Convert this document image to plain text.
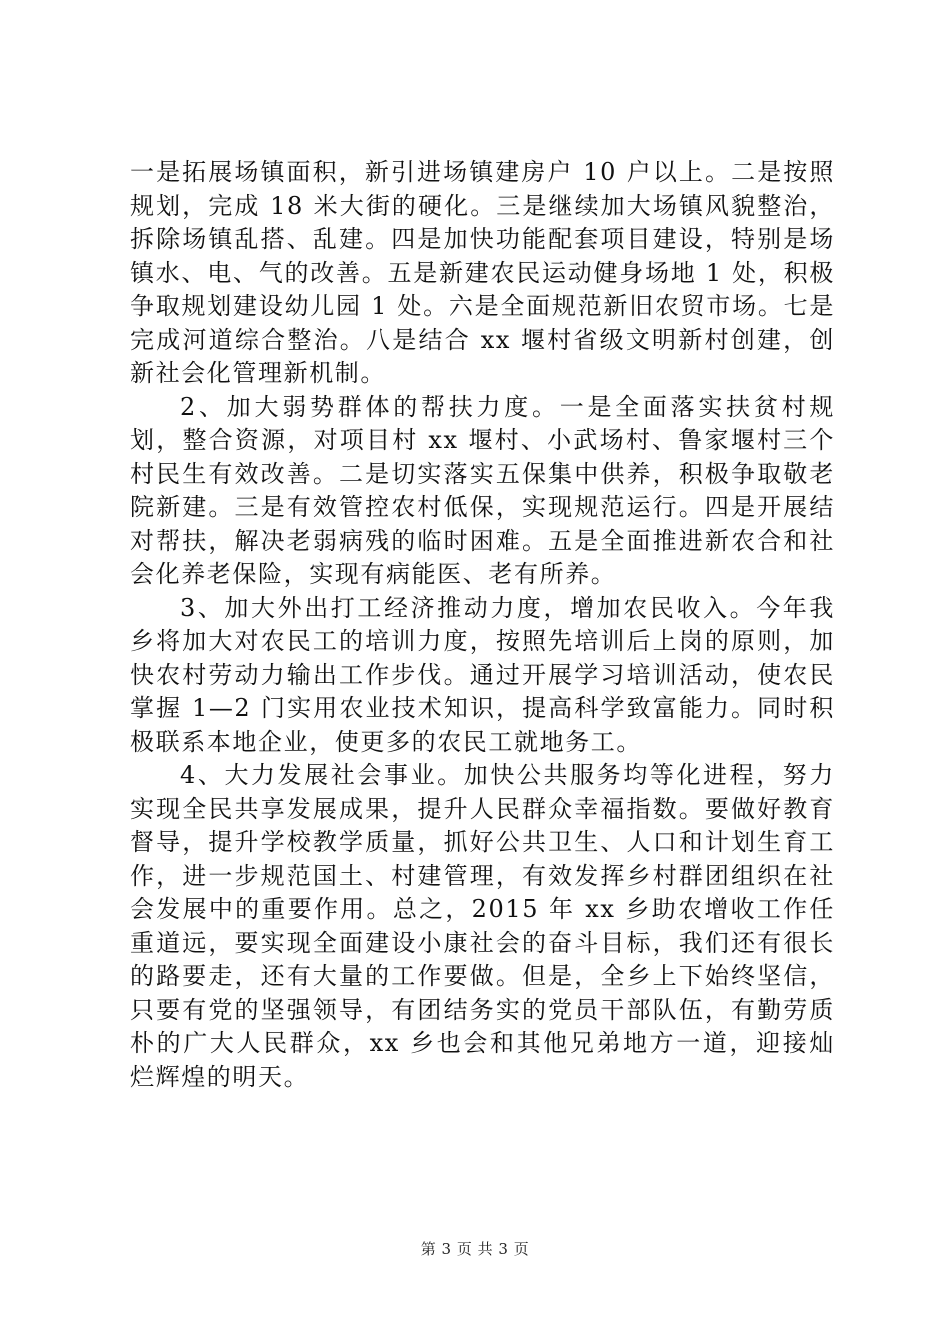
一是拓展场镇面积，新引进场镇建房户 10 户以上。二是按照规划，完成 18 米大街的硬化。三是继续加大场镇风貌整治，拆除场镇乱搭、乱建。四是加快功能配套项目建设，特别是场镇水、电、气的改善。五是新建农民运动健身场地 1 处，积极争取规划建设幼儿园 1 处。六是全面规范新旧农贸市场。七是完成河道综合整治。八是结合 xx 堰村省级文明新村创建，创新社会化管理新机制。

2、加大弱势群体的帮扶力度。一是全面落实扶贫村规划，整合资源，对项目村 xx 堰村、小武场村、鲁家堰村三个村民生有效改善。二是切实落实五保集中供养，积极争取敬老院新建。三是有效管控农村低保，实现规范运行。四是开展结对帮扶，解决老弱病残的临时困难。五是全面推进新农合和社会化养老保险，实现有病能医、老有所养。

3、加大外出打工经济推动力度，增加农民收入。今年我乡将加大对农民工的培训力度，按照先培训后上岗的原则，加快农村劳动力输出工作步伐。通过开展学习培训活动，使农民掌握 1—2 门实用农业技术知识，提高科学致富能力。同时积极联系本地企业，使更多的农民工就地务工。

4、大力发展社会事业。加快公共服务均等化进程，努力实现全民共享发展成果，提升人民群众幸福指数。要做好教育督导，提升学校教学质量，抓好公共卫生、人口和计划生育工作，进一步规范国土、村建管理，有效发挥乡村群团组织在社会发展中的重要作用。总之，2015 年 xx 乡助农增收工作任重道远，要实现全面建设小康社会的奋斗目标，我们还有很长的路要走，还有大量的工作要做。但是，全乡上下始终坚信，只要有党的坚强领导，有团结务实的党员干部队伍，有勤劳质朴的广大人民群众，xx 乡也会和其他兄弟地方一道，迎接灿烂辉煌的明天。

第 3 页 共 3 页
